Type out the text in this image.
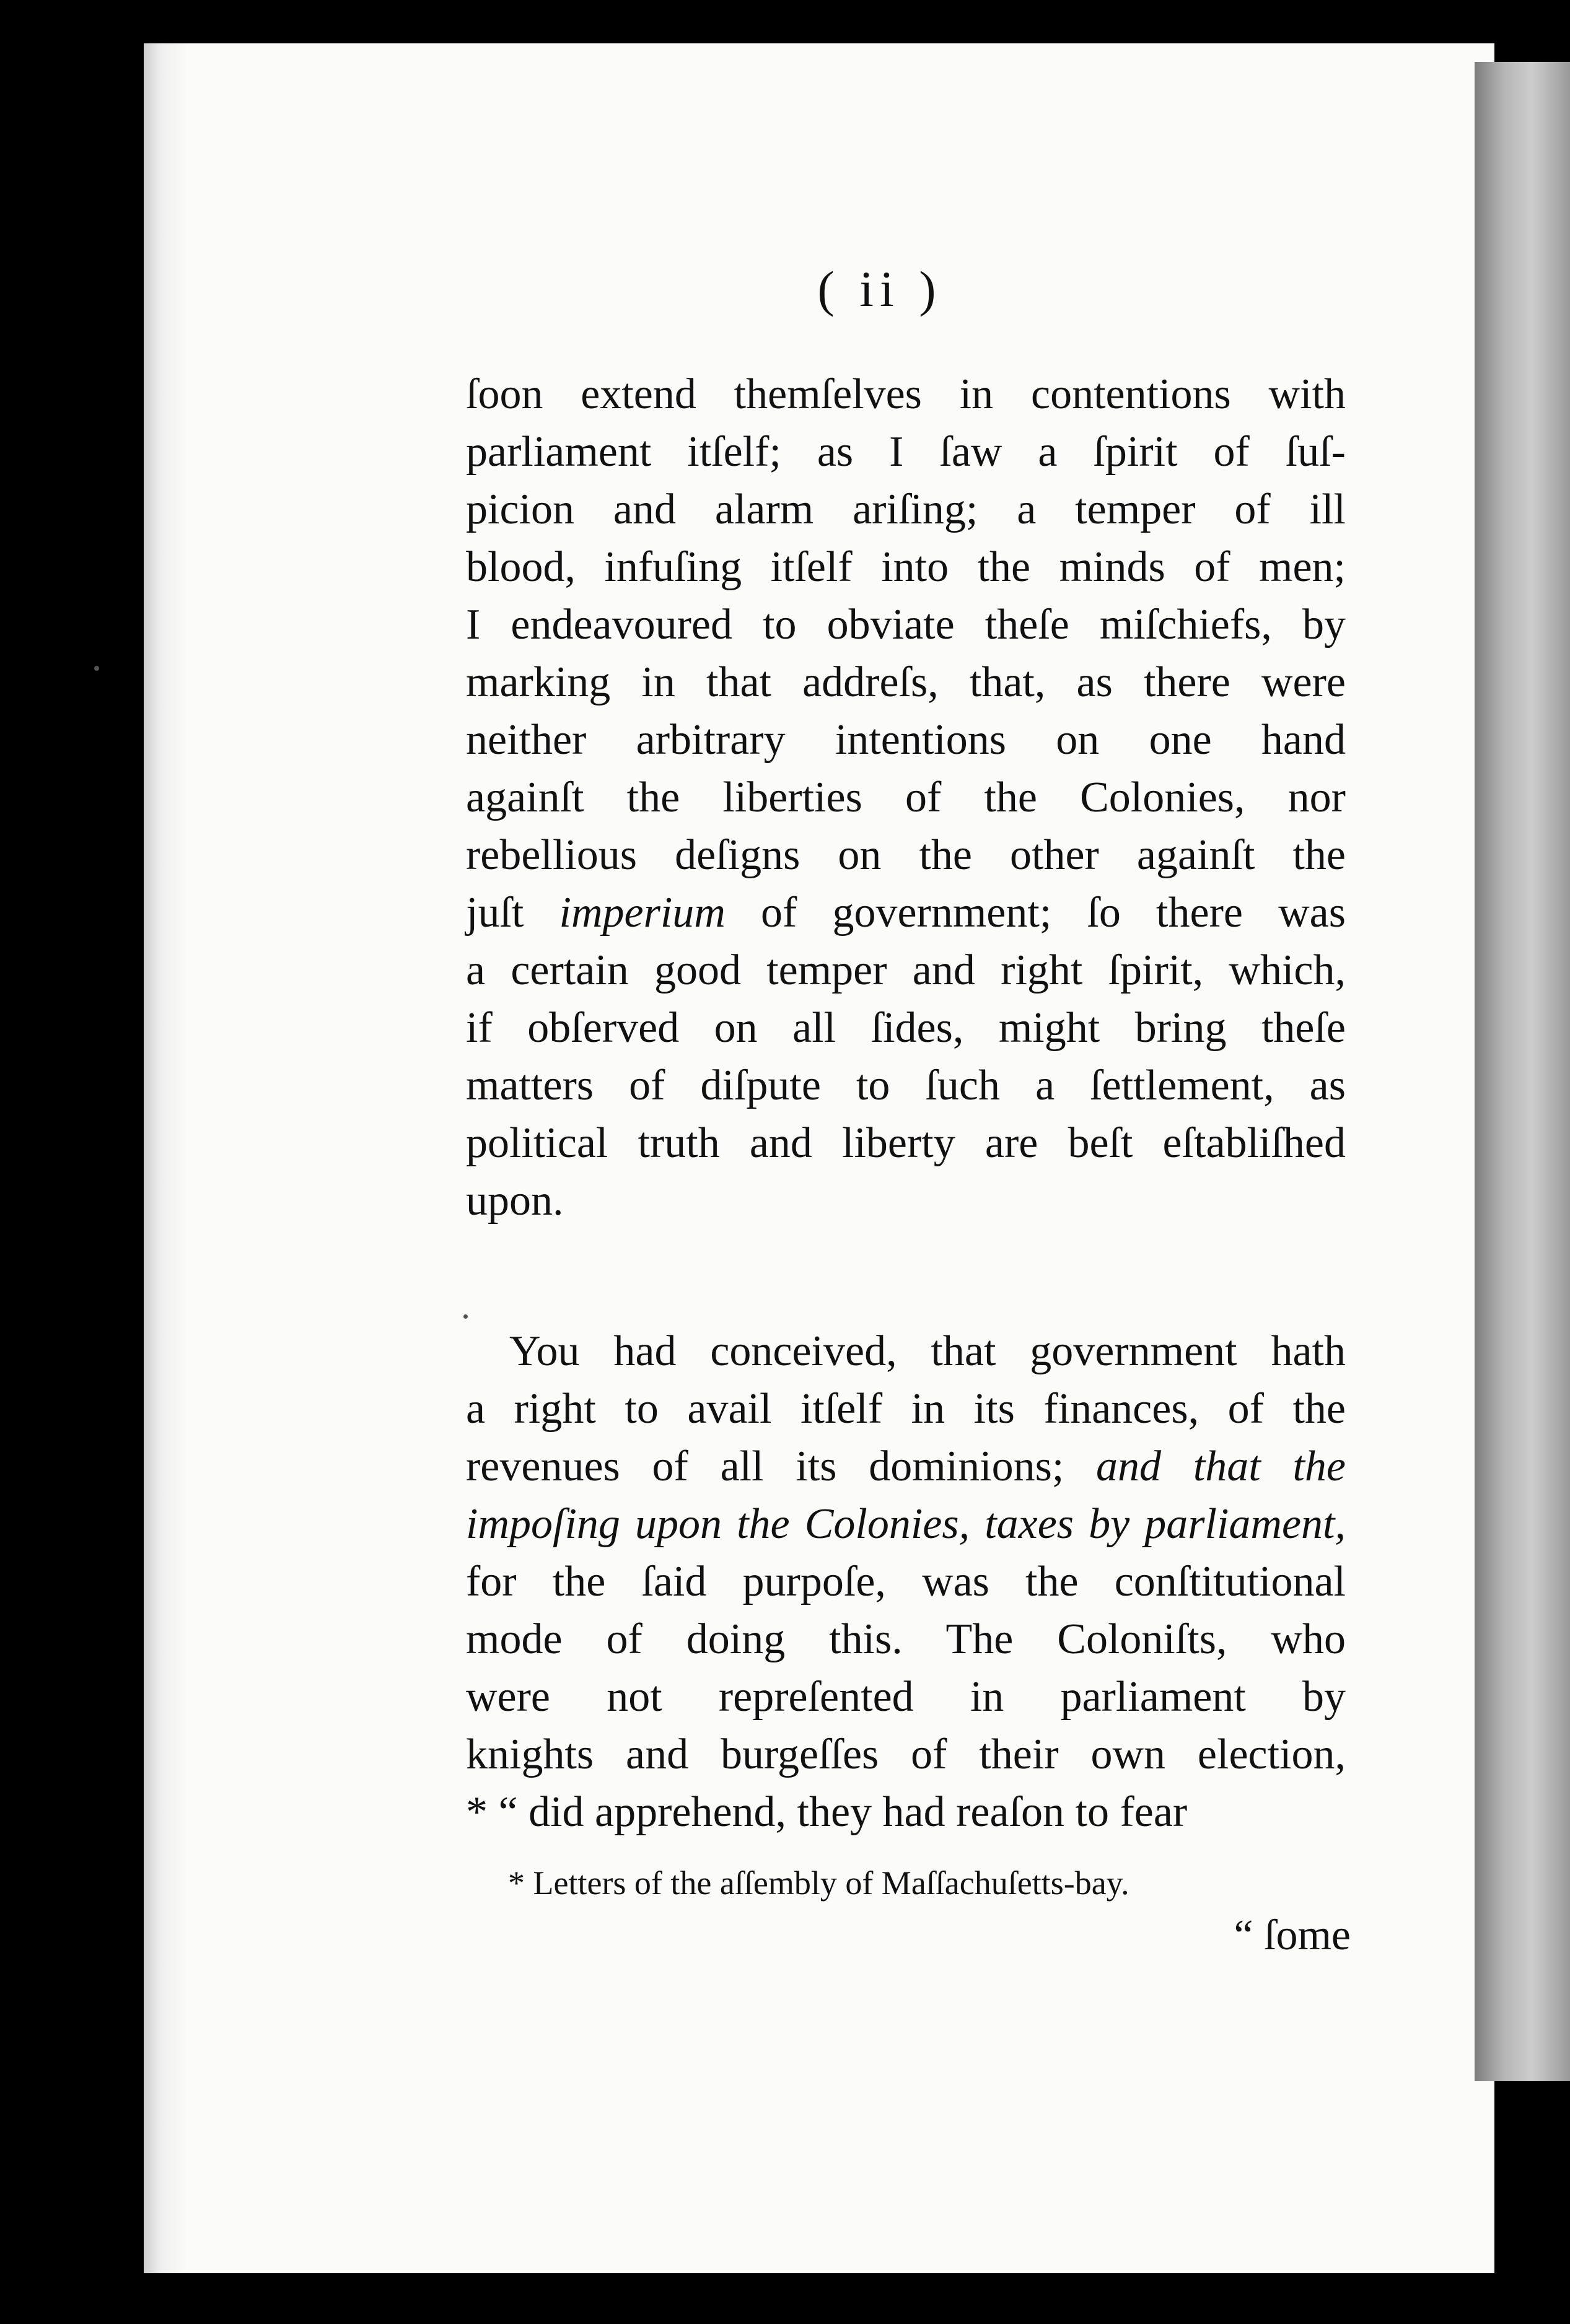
( ii )
ſoon extend themſelves in contentions with
parliament itſelf; as I ſaw a ſpirit of ſuſ-
picion and alarm ariſing; a temper of ill
blood, infuſing itſelf into the minds of men;
I endeavoured to obviate theſe miſchiefs, by
marking in that addreſs, that, as there were
neither arbitrary intentions on one hand
againſt the liberties of the Colonies, nor
rebellious deſigns on the other againſt the
juſt imperium of government; ſo there was
a certain good temper and right ſpirit, which,
if obſerved on all ſides, might bring theſe
matters of diſpute to ſuch a ſettlement, as
political truth and liberty are beſt eſtabliſhed
upon.
You had conceived, that government hath
a right to avail itſelf in its finances, of the
revenues of all its dominions; and that the
impoſing upon the Colonies, taxes by parliament,
for the ſaid purpoſe, was the conſtitutional
mode of doing this. The Coloniſts, who
were not repreſented in parliament by
knights and burgeſſes of their own election,
* “ did apprehend, they had reaſon to fear
* Letters of the aſſembly of Maſſachuſetts-bay.
“ ſome
